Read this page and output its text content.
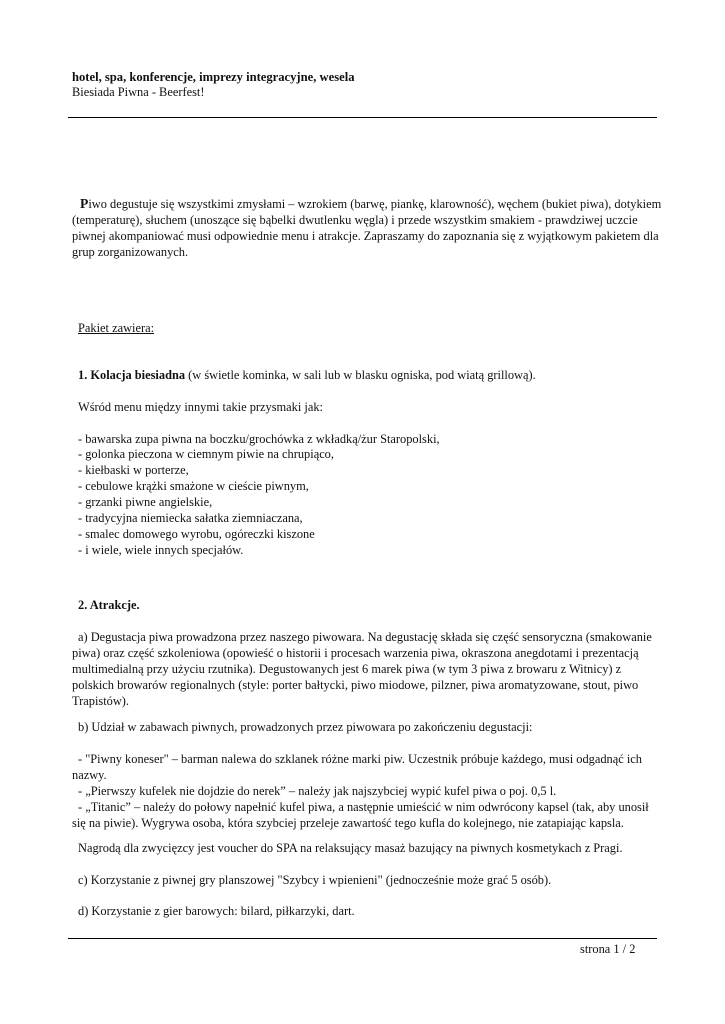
hotel, spa, konferencje, imprezy integracyjne, wesela
Biesiada Piwna - Beerfest!
Piwo degustuje się wszystkimi zmysłami – wzrokiem (barwę, piankę, klarowność), węchem (bukiet piwa), dotykiem (temperaturę), słuchem (unoszące się bąbelki dwutlenku węgla) i przede wszystkim smakiem - prawdziwej uczcie piwnej akompaniować musi odpowiednie menu i atrakcje. Zapraszamy do zapoznania się z wyjątkowym pakietem dla grup zorganizowanych.
Pakiet zawiera:
1. Kolacja biesiadna (w świetle kominka, w sali lub w blasku ogniska, pod wiatą grillową).
Wśród menu między innymi takie przysmaki jak:
- bawarska zupa piwna na boczku/grochówka z wkładką/żur Staropolski,
- golonka pieczona w ciemnym piwie na chrupiąco,
- kiełbaski w porterze,
- cebulowe krążki smażone w cieście piwnym,
- grzanki piwne angielskie,
- tradycyjna niemiecka sałatka ziemniaczana,
- smalec domowego wyrobu, ogóreczki kiszone
- i wiele, wiele innych specjałów.
2. Atrakcje.
a) Degustacja piwa prowadzona przez naszego piwowara. Na degustację składa się część sensoryczna (smakowanie piwa) oraz część szkoleniowa (opowieść o historii i procesach warzenia piwa, okraszona anegdotami i prezentacją multimedialną przy użyciu rzutnika). Degustowanych jest 6 marek piwa (w tym 3 piwa z browaru z Witnicy) z polskich browarów regionalnych (style: porter bałtycki, piwo miodowe, pilzner, piwa aromatyzowane, stout, piwo Trapistów).
b) Udział w zabawach piwnych, prowadzonych przez piwowara po zakończeniu degustacji:
- "Piwny koneser" – barman nalewa do szklanek różne marki piw. Uczestnik próbuje każdego, musi odgadnąć ich nazwy.
- „Pierwszy kufelek nie dojdzie do nerek” – należy jak najszybciej wypić kufel piwa o poj. 0,5 l.
- „Titanic” – należy do połowy napełnić kufel piwa, a następnie umieścić w nim odwrócony kapsel (tak, aby unosił się na piwie). Wygrywa osoba, która szybciej przeleje zawartość tego kufla do kolejnego, nie zatapiając kapsla.
Nagrodą dla zwycięzcy jest voucher do SPA na relaksujący masaż bazujący na piwnych kosmetykach z Pragi.
c) Korzystanie z piwnej gry planszowej "Szybcy i wpienieni" (jednocześnie może grać 5 osób).
d) Korzystanie z gier barowych: bilard, piłkarzyki, dart.
strona 1 / 2
